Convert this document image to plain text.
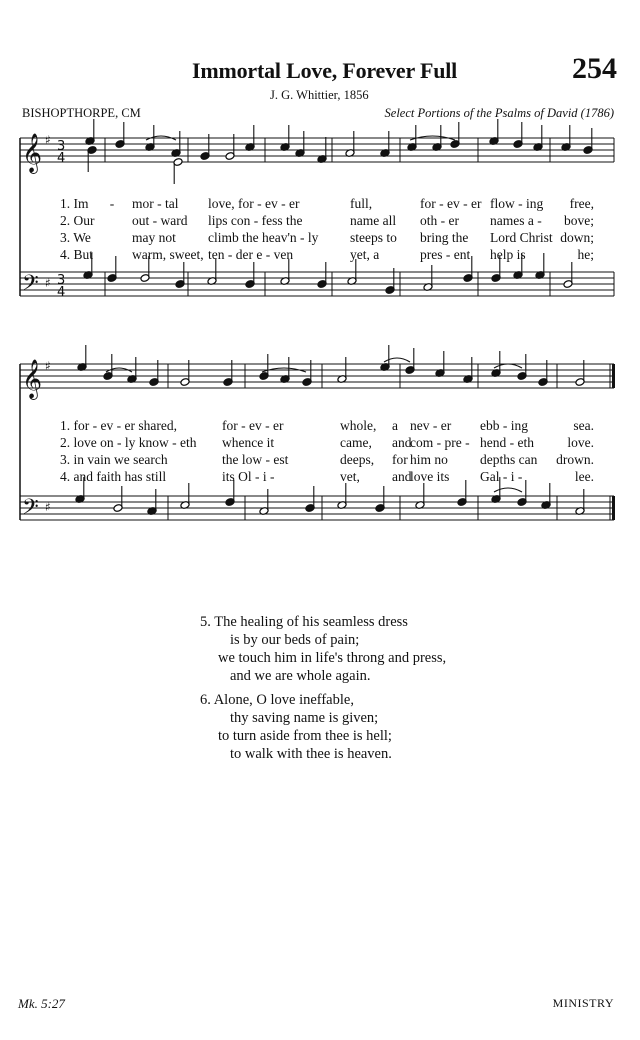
Immortal Love, Forever Full	254
J. G. Whittier, 1856
BISHOPTHORPE, CM	Select Portions of the Psalms of David (1786)
𝄞
𝄢
𝄞
𝄢
♯
♯
♯
♯
3
4
3
4
1. Im - mor - tal love, for - ev - er	full,	for - ev - er flow - ing free,
2. Our	out - ward lips con - fess the	name all oth - er names a - bove;
3. We	may not climb the heav'n - ly steeps to bring the Lord Christ down;
4. But	warm, sweet, ten - der e - ven	yet, a	pres - ent help is	he;
1. for - ev - er shared,	for - ev - er	whole, a nev - er ebb - ing	sea.
2. love on - ly know - eth whence it	came, and
com - pre - hend - eth love.
3. in vain we search	the low - est	deeps, for him no depths can drown.
4. and faith has still	its Ol - i -	vet, and
love its Gal - i -	lee.
5. The healing of his seamless dress
is by our beds of pain;
we touch him in life's throng and press,
and we are whole again.
6. Alone, O love ineffable,
thy saving name is given;
to turn aside from thee is hell;
to walk with thee is heaven.
Mk. 5:27	MINISTRY
